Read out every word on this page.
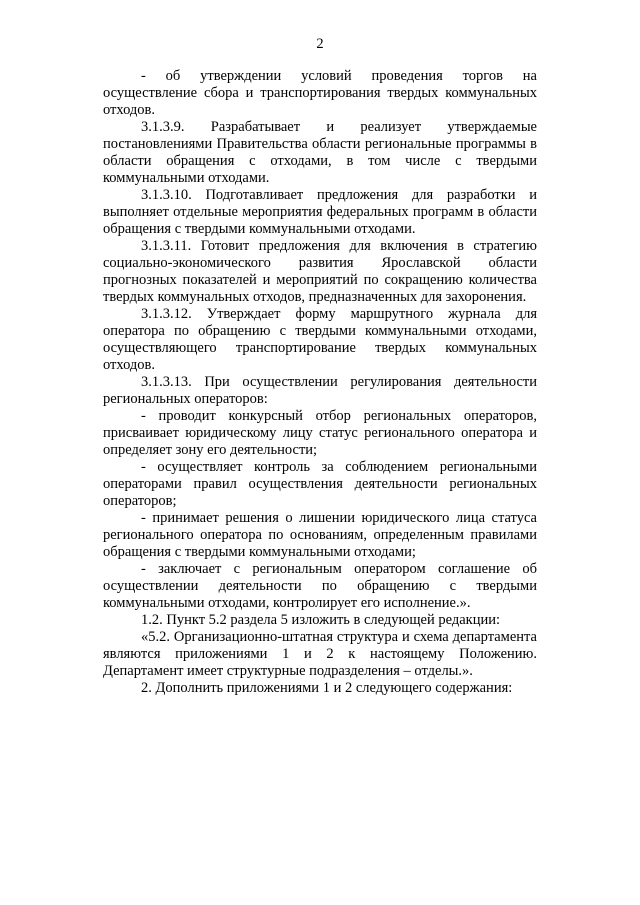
2

- об утверждении условий проведения торгов на осуществление сбора и транспортирования твердых коммунальных отходов.

3.1.3.9. Разрабатывает и реализует утверждаемые постановлениями Правительства области региональные программы в области обращения с отходами, в том числе с твердыми коммунальными отходами.

3.1.3.10. Подготавливает предложения для разработки и выполняет отдельные мероприятия федеральных программ в области обращения с твердыми коммунальными отходами.

3.1.3.11. Готовит предложения для включения в стратегию социально-экономического развития Ярославской области прогнозных показателей и мероприятий по сокращению количества твердых коммунальных отходов, предназначенных для захоронения.

3.1.3.12. Утверждает форму маршрутного журнала для оператора по обращению с твердыми коммунальными отходами, осуществляющего транспортирование твердых коммунальных отходов.

3.1.3.13. При осуществлении регулирования деятельности региональных операторов:

- проводит конкурсный отбор региональных операторов, присваивает юридическому лицу статус регионального оператора и определяет зону его деятельности;

- осуществляет контроль за соблюдением региональными операторами правил осуществления деятельности региональных операторов;

- принимает решения о лишении юридического лица статуса регионального оператора по основаниям, определенным правилами обращения с твердыми коммунальными отходами;

- заключает с региональным оператором соглашение об осуществлении деятельности по обращению с твердыми коммунальными отходами, контролирует его исполнение.».

1.2. Пункт 5.2 раздела 5 изложить в следующей редакции:

«5.2. Организационно-штатная структура и схема департамента являются приложениями 1 и 2 к настоящему Положению. Департамент имеет структурные подразделения – отделы.».

2. Дополнить приложениями 1 и 2 следующего содержания:
